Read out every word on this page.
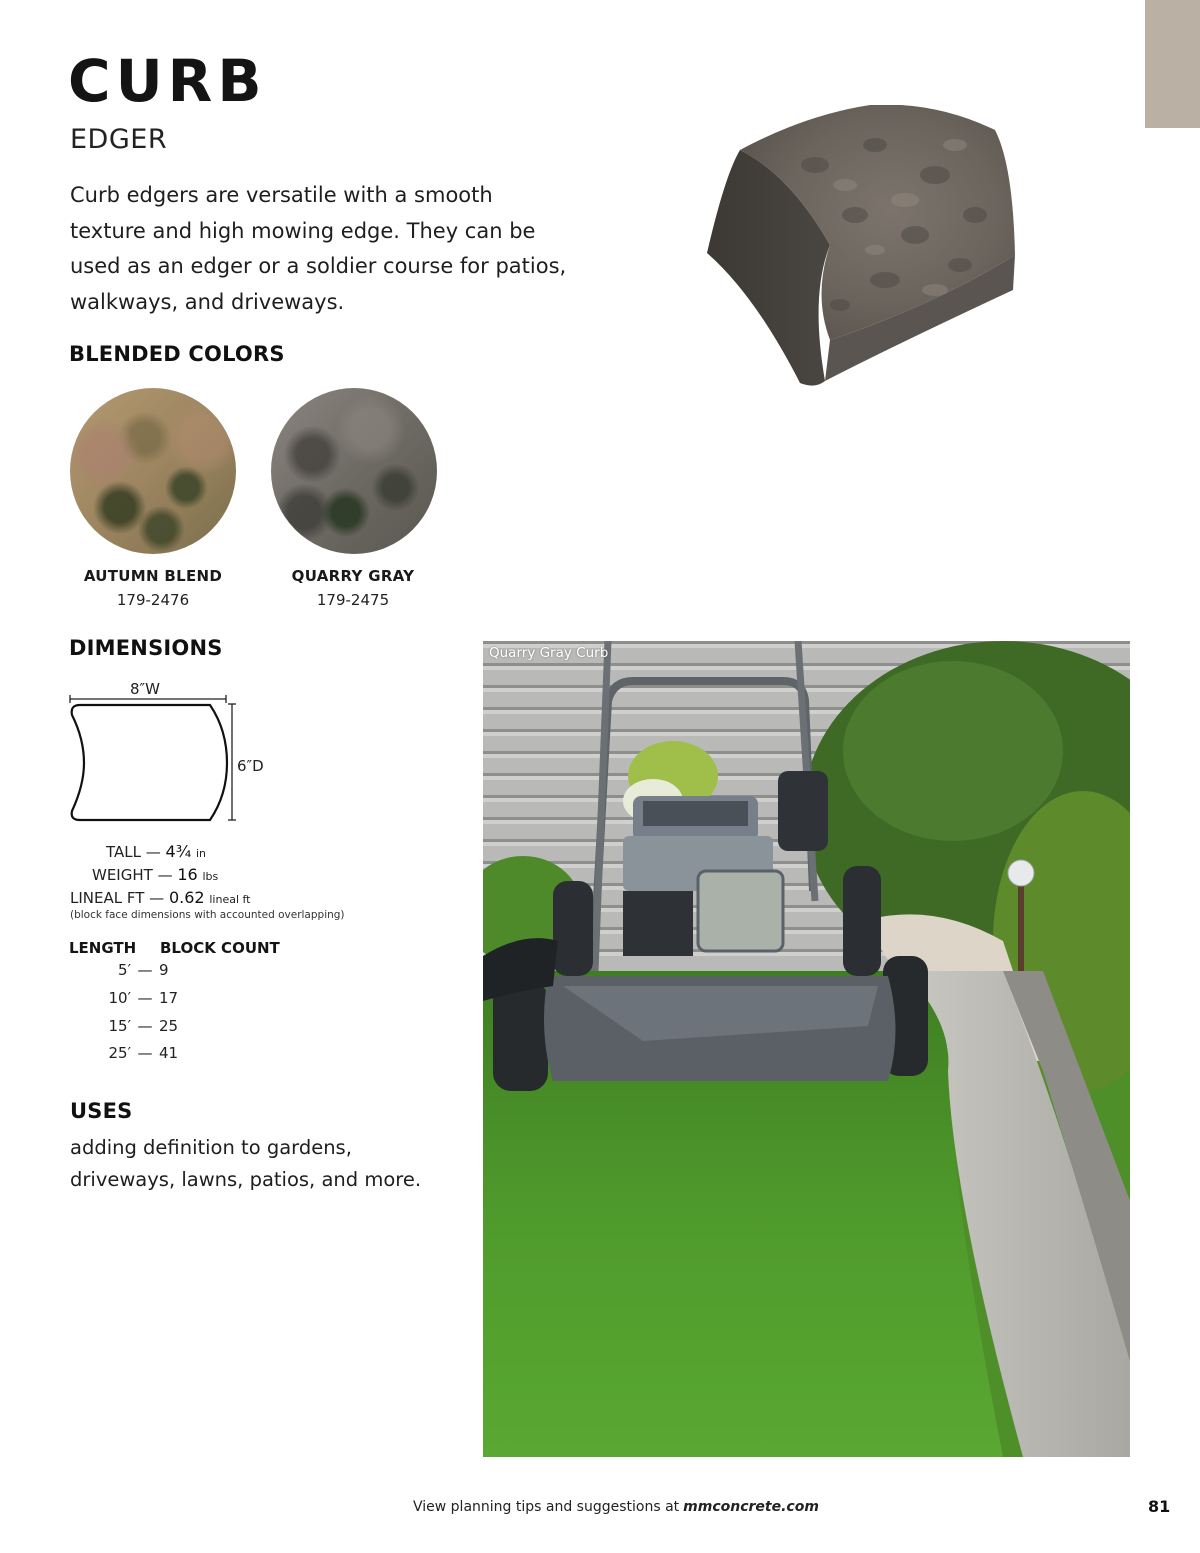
CURB
EDGER

Curb edgers are versatile with a smooth texture and high mowing edge. They can be used as an edger or a soldier course for patios, walkways, and driveways.

BLENDED COLORS
AUTUMN BLEND
179-2476
QUARRY GRAY
179-2475
DIMENSIONS
8″W
6″D
TALL — 4¾ in
WEIGHT — 16 lbs
LINEAL FT — 0.62 lineal ft
(block face dimensions with accounted overlapping)
LENGTH BLOCK COUNT
5′ — 9
10′ — 17
15′ — 25
25′ — 41
USES

adding definition to gardens, driveways, lawns, patios, and more.

Quarry Gray Curb
View planning tips and suggestions at mmconcrete.com	81
